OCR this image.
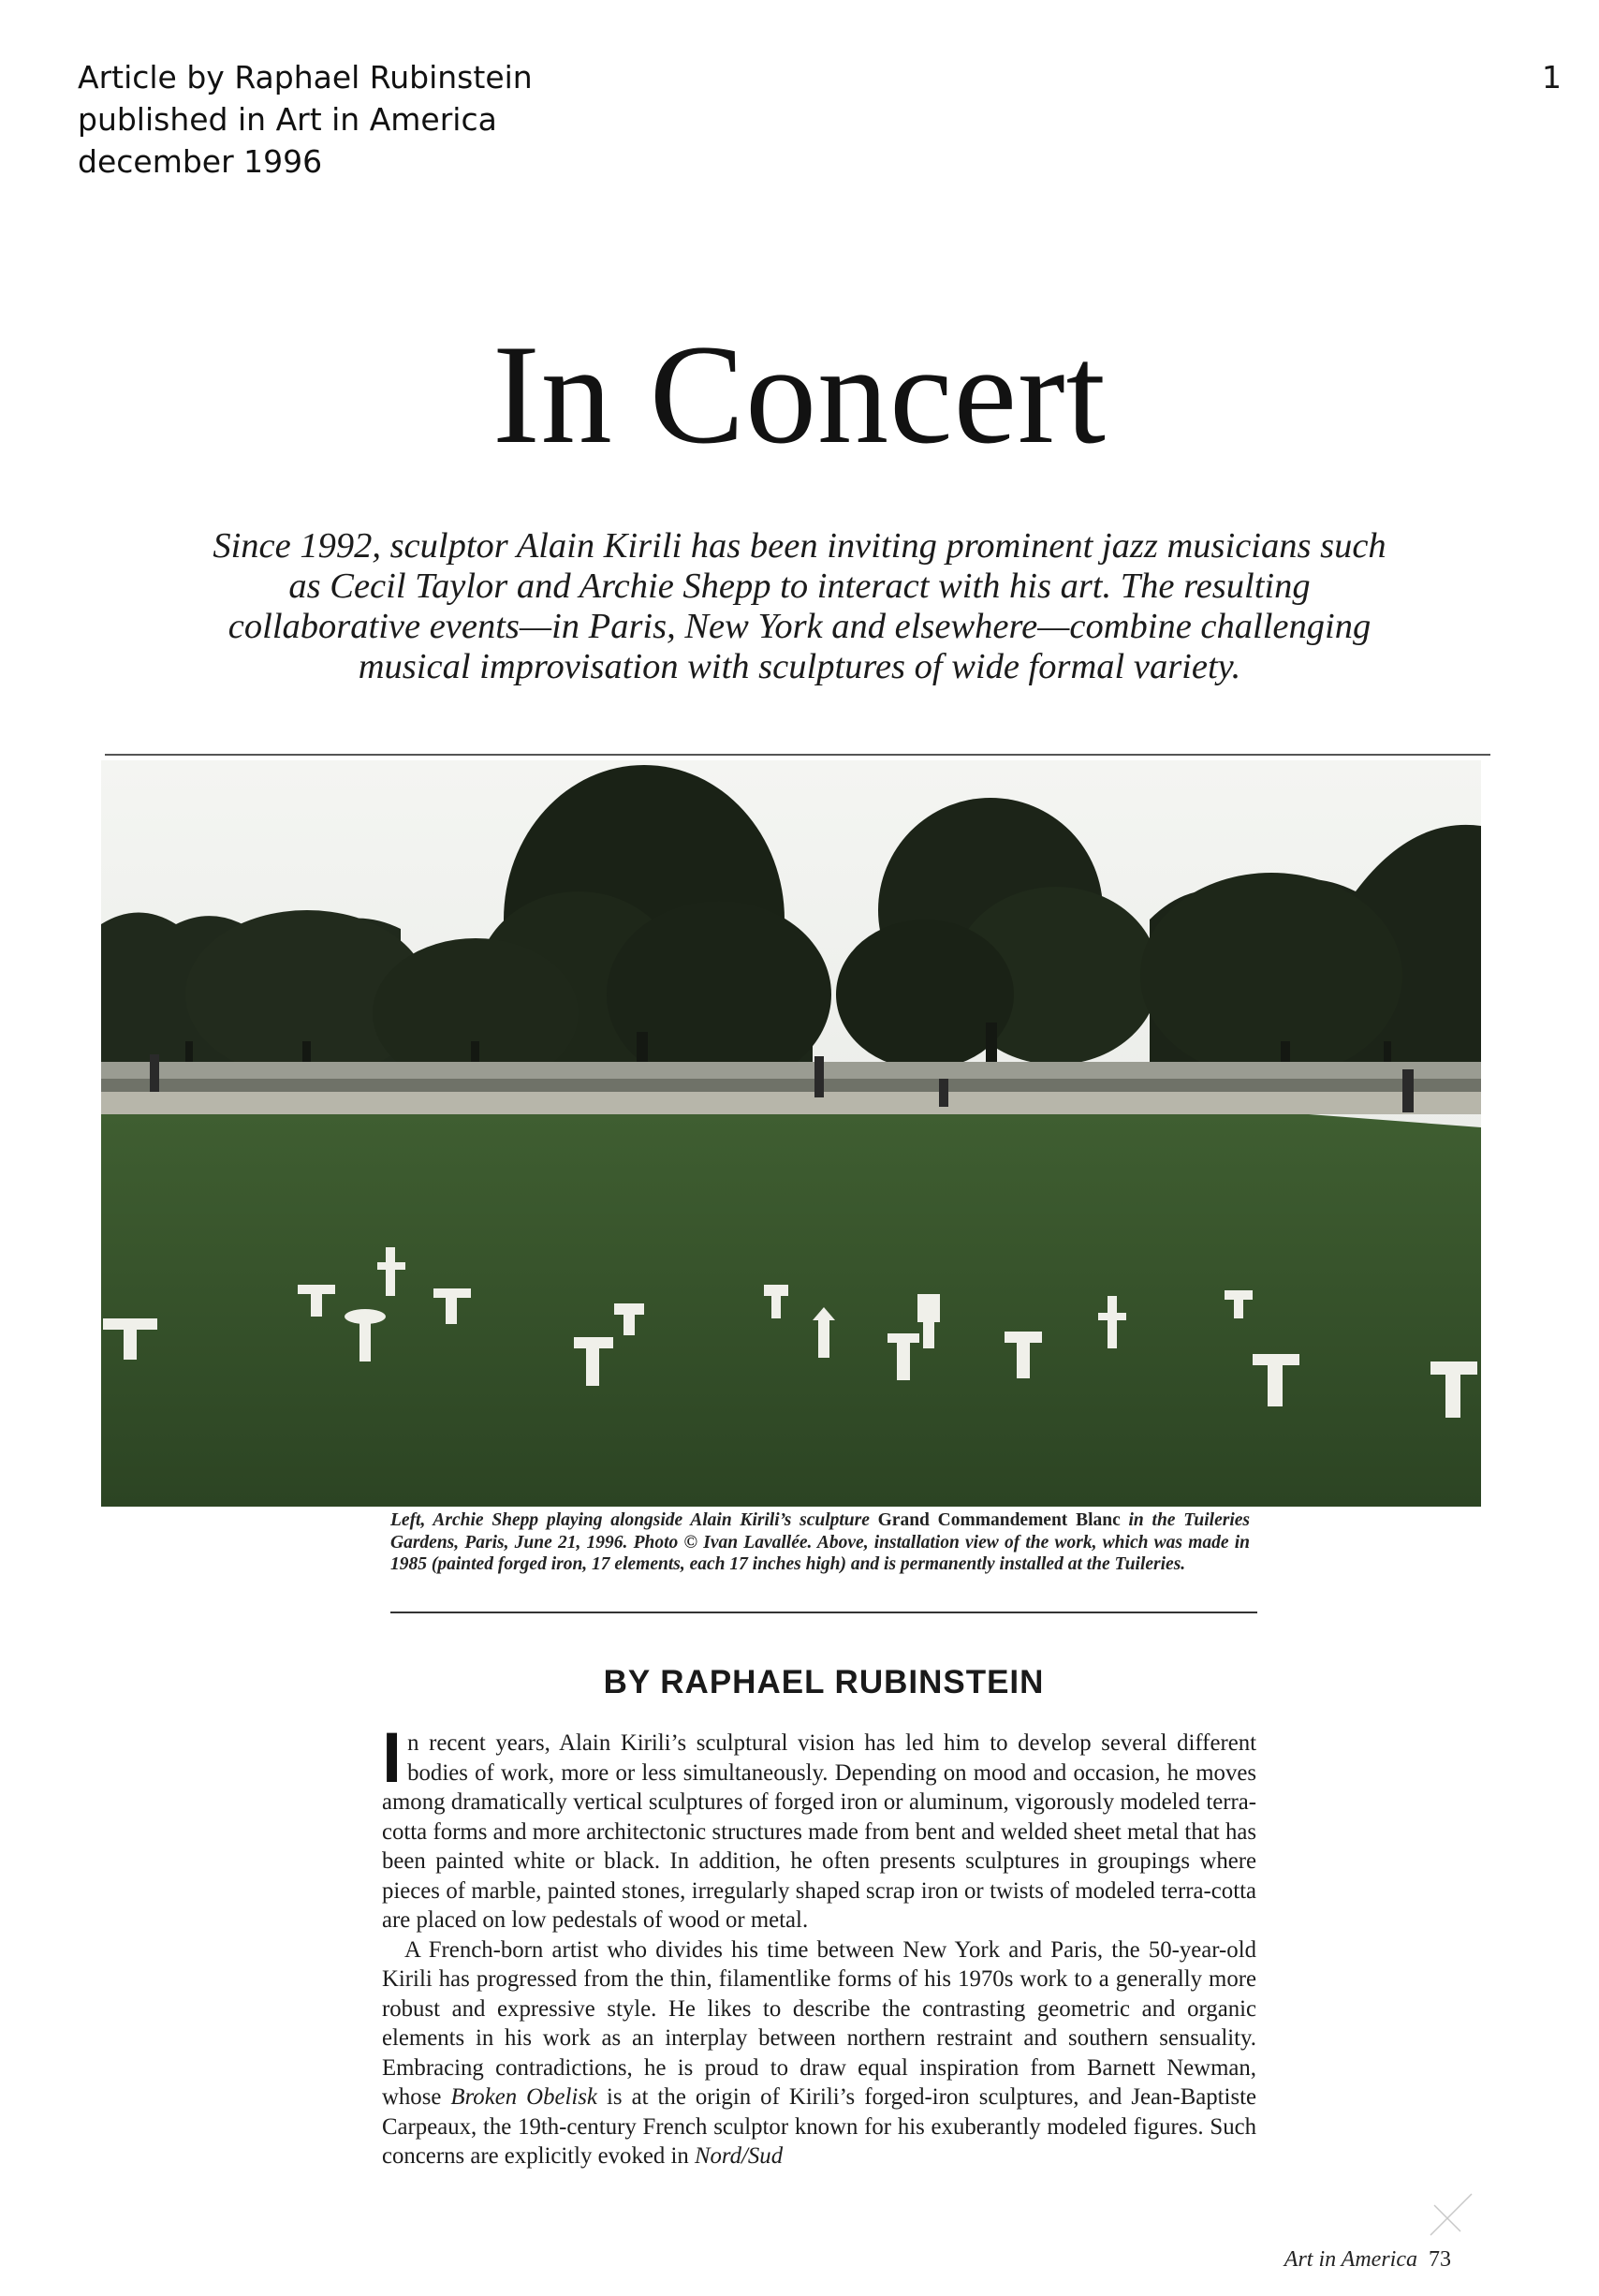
Article by Raphael Rubinstein
published in Art in America
december 1996
1
In Concert
Since 1992, sculptor Alain Kirili has been inviting prominent jazz musicians such as Cecil Taylor and Archie Shepp to interact with his art. The resulting collaborative events—in Paris, New York and elsewhere—combine challenging musical improvisation with sculptures of wide formal variety.
Left, Archie Shepp playing alongside Alain Kirili’s sculpture Grand Commandement Blanc in the Tuileries Gardens, Paris, June 21, 1996. Photo © Ivan Lavallée. Above, installation view of the work, which was made in 1985 (painted forged iron, 17 elements, each 17 inches high) and is permanently installed at the Tuileries.
BY RAPHAEL RUBINSTEIN

In recent years, Alain Kirili’s sculptural vision has led him to develop several different bodies of work, more or less simultaneously. Depending on mood and occasion, he moves among dramatically vertical sculptures of forged iron or aluminum, vigorously modeled terra-cotta forms and more architectonic structures made from bent and welded sheet metal that has been painted white or black. In addition, he often presents sculptures in groupings where pieces of marble, painted stones, irregularly shaped scrap iron or twists of modeled terra-cotta are placed on low pedestals of wood or metal.

A French-born artist who divides his time between New York and Paris, the 50-year-old Kirili has progressed from the thin, filamentlike forms of his 1970s work to a generally more robust and expressive style. He likes to describe the contrasting geometric and organic elements in his work as an interplay between northern restraint and southern sensuality. Embracing contradictions, he is proud to draw equal inspiration from Barnett Newman, whose Broken Obelisk is at the origin of Kirili’s forged-iron sculptures, and Jean-Baptiste Carpeaux, the 19th-century French sculptor known for his exuberantly modeled figures. Such concerns are explicitly evoked in Nord/Sud

Art in America 73
